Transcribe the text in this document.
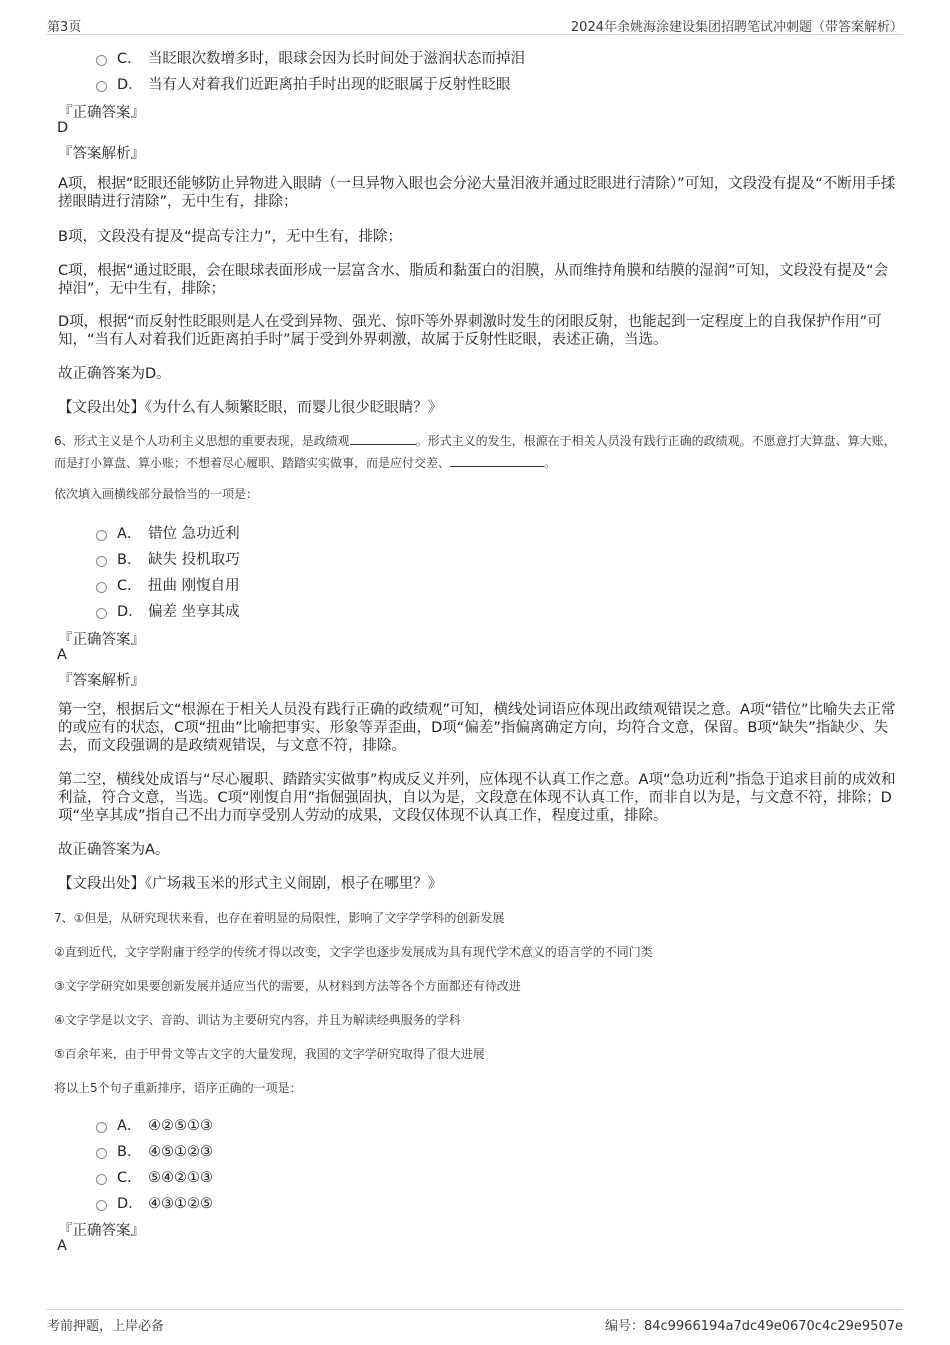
第3页	2024年余姚海涂建设集团招聘笔试冲刺题（带答案解析）
C． 当眨眼次数增多时，眼球会因为长时间处于滋润状态而掉泪
D． 当有人对着我们近距离拍手时出现的眨眼属于反射性眨眼
『正确答案』
D
『答案解析』

A项，根据“眨眼还能够防止异物进入眼睛（一旦异物入眼也会分泌大量泪液并通过眨眼进行清除）”可知，文段没有提及“不断用手揉搓眼睛进行清除”，无中生有，排除；

B项，文段没有提及“提高专注力”，无中生有，排除；

C项，根据“通过眨眼，会在眼球表面形成一层富含水、脂质和黏蛋白的泪膜，从而维持角膜和结膜的湿润”可知，文段没有提及“会掉泪”，无中生有，排除；

D项，根据“而反射性眨眼则是人在受到异物、强光、惊吓等外界刺激时发生的闭眼反射，也能起到一定程度上的自我保护作用”可知，“当有人对着我们近距离拍手时”属于受到外界刺激，故属于反射性眨眼，表述正确，当选。

故正确答案为D。

【文段出处】《为什么有人频繁眨眼，而婴儿很少眨眼睛？》

6、形式主义是个人功利主义思想的重要表现，是政绩观	。形式主义的发生，根源在于相关人员没有践行正确的政绩观。不愿意打大算盘、算大账，而是打小算盘、算小账；不想着尽心履职、踏踏实实做事，而是应付交差、	。

依次填入画横线部分最恰当的一项是：

A． 错位 急功近利
B． 缺失 投机取巧
C． 扭曲 刚愎自用
D． 偏差 坐享其成
『正确答案』
A
『答案解析』

第一空，根据后文“根源在于相关人员没有践行正确的政绩观”可知，横线处词语应体现出政绩观错误之意。A项“错位”比喻失去正常的或应有的状态，C项“扭曲”比喻把事实、形象等弄歪曲，D项“偏差”指偏离确定方向，均符合文意，保留。B项“缺失”指缺少、失去，而文段强调的是政绩观错误，与文意不符，排除。

第二空，横线处成语与“尽心履职、踏踏实实做事”构成反义并列，应体现不认真工作之意。A项“急功近利”指急于追求目前的成效和利益，符合文意，当选。C项“刚愎自用”指倔强固执，自以为是，文段意在体现不认真工作，而非自以为是，与文意不符，排除；D项“坐享其成”指自己不出力而享受别人劳动的成果，文段仅体现不认真工作，程度过重，排除。

故正确答案为A。

【文段出处】《广场栽玉米的形式主义闹剧，根子在哪里？》

7、①但是，从研究现状来看，也存在着明显的局限性，影响了文字学学科的创新发展

②直到近代，文字学附庸于经学的传统才得以改变，文字学也逐步发展成为具有现代学术意义的语言学的不同门类

③文字学研究如果要创新发展并适应当代的需要，从材料到方法等各个方面都还有待改进

④文字学是以文字、音韵、训诂为主要研究内容，并且为解读经典服务的学科

⑤百余年来，由于甲骨文等古文字的大量发现，我国的文字学研究取得了很大进展

将以上5个句子重新排序，语序正确的一项是：

A． ④②⑤①③
B． ④⑤①②③
C． ⑤④②①③
D． ④③①②⑤
『正确答案』
A
考前押题，上岸必备	编号：84c9966194a7dc49e0670c4c29e9507e
